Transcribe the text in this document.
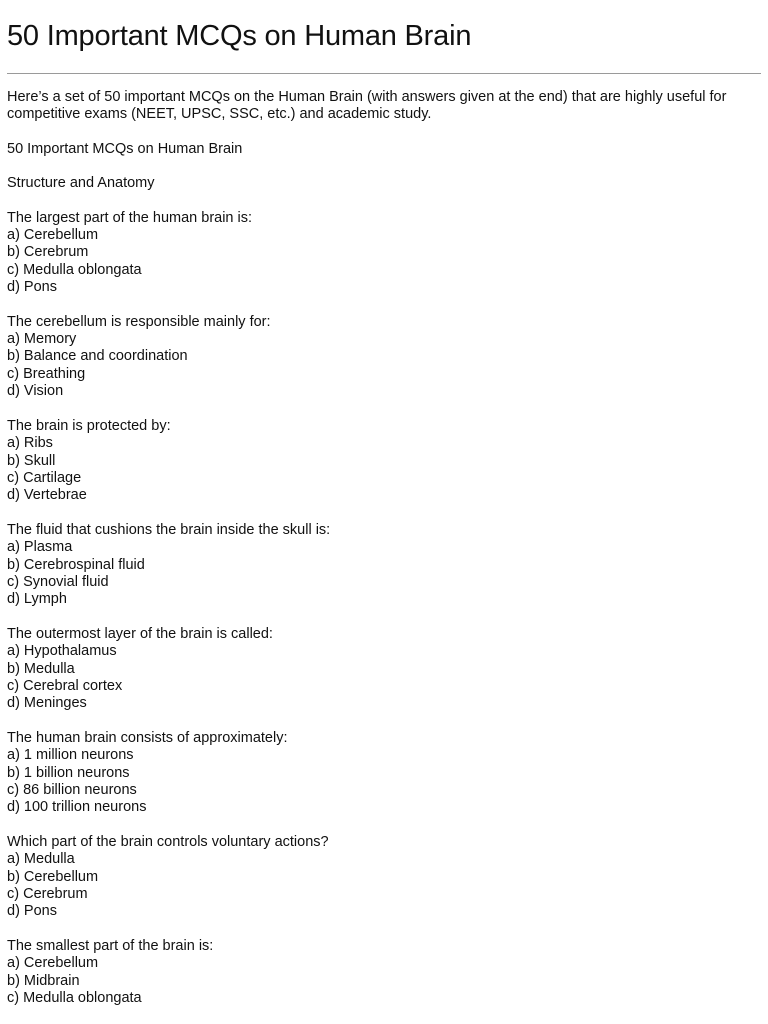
50 Important MCQs on Human Brain
Here’s a set of 50 important MCQs on the Human Brain (with answers given at the end) that are highly useful for competitive exams (NEET, UPSC, SSC, etc.) and academic study.
50 Important MCQs on Human Brain
Structure and Anatomy
The largest part of the human brain is:
a) Cerebellum
b) Cerebrum
c) Medulla oblongata
d) Pons
The cerebellum is responsible mainly for:
a) Memory
b) Balance and coordination
c) Breathing
d) Vision
The brain is protected by:
a) Ribs
b) Skull
c) Cartilage
d) Vertebrae
The fluid that cushions the brain inside the skull is:
a) Plasma
b) Cerebrospinal fluid
c) Synovial fluid
d) Lymph
The outermost layer of the brain is called:
a) Hypothalamus
b) Medulla
c) Cerebral cortex
d) Meninges
The human brain consists of approximately:
a) 1 million neurons
b) 1 billion neurons
c) 86 billion neurons
d) 100 trillion neurons
Which part of the brain controls voluntary actions?
a) Medulla
b) Cerebellum
c) Cerebrum
d) Pons
The smallest part of the brain is:
a) Cerebellum
b) Midbrain
c) Medulla oblongata
